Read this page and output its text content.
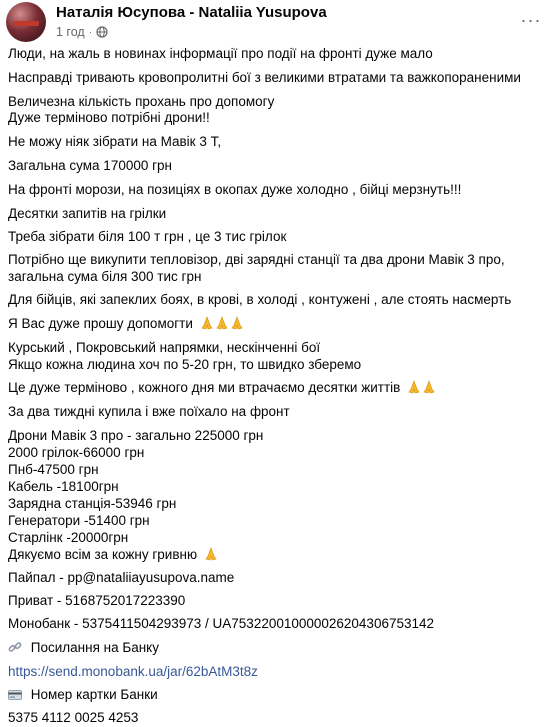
Наталія Юсупова - Nataliia Yusupova
1 год ·
···
Люди, на жаль в новинах інформації про події на фронті дуже мало
Насправді тривають кровопролитні бої з великими втратами та важкопораненими
Величезна кількість прохань про допомогу
Дуже терміново потрібні дрони!!
Не можу ніяк зібрати на Мавік 3 Т,
Загальна сума 170000 грн
На фронті морози, на позиціях в окопах дуже холодно , бійці мерзнуть!!!
Десятки запитів на грілки
Треба зібрати біля 100 т грн , це 3 тис грілок
Потрібно ще викупити тепловізор, дві зарядні станції та два дрони Мавік 3 про,
загальна сума біля 300 тис грн
Для бійців, які запеклих боях, в крові, в холоді , контужені , але стоять насмерть
Я Вас дуже прошу допомогти
Курський , Покровський напрямки, нескінченні бої
Якщо кожна людина хоч по 5-20 грн, то швидко зберемо
Це дуже терміново , кожного дня ми втрачаємо десятки життів
За два тиждні купила і вже поїхало на фронт
Дрони Мавік 3 про - загально 225000 грн
2000 грілок-66000 грн
Пнб-47500 грн
Кабель -18100грн
Зарядна станція-53946 грн
Генератори -51400 грн
Старлінк -20000грн
Дякуємо всім за кожну гривню
Пайпал - pp@nataliiayusupova.name
Приват - 5168752017223390
Монобанк - 5375411504293973 / UA753220010000026204306753142
Посилання на Банку
https://send.monobank.ua/jar/62bAtM3t8z
Номер картки Банки
5375 4112 0025 4253
